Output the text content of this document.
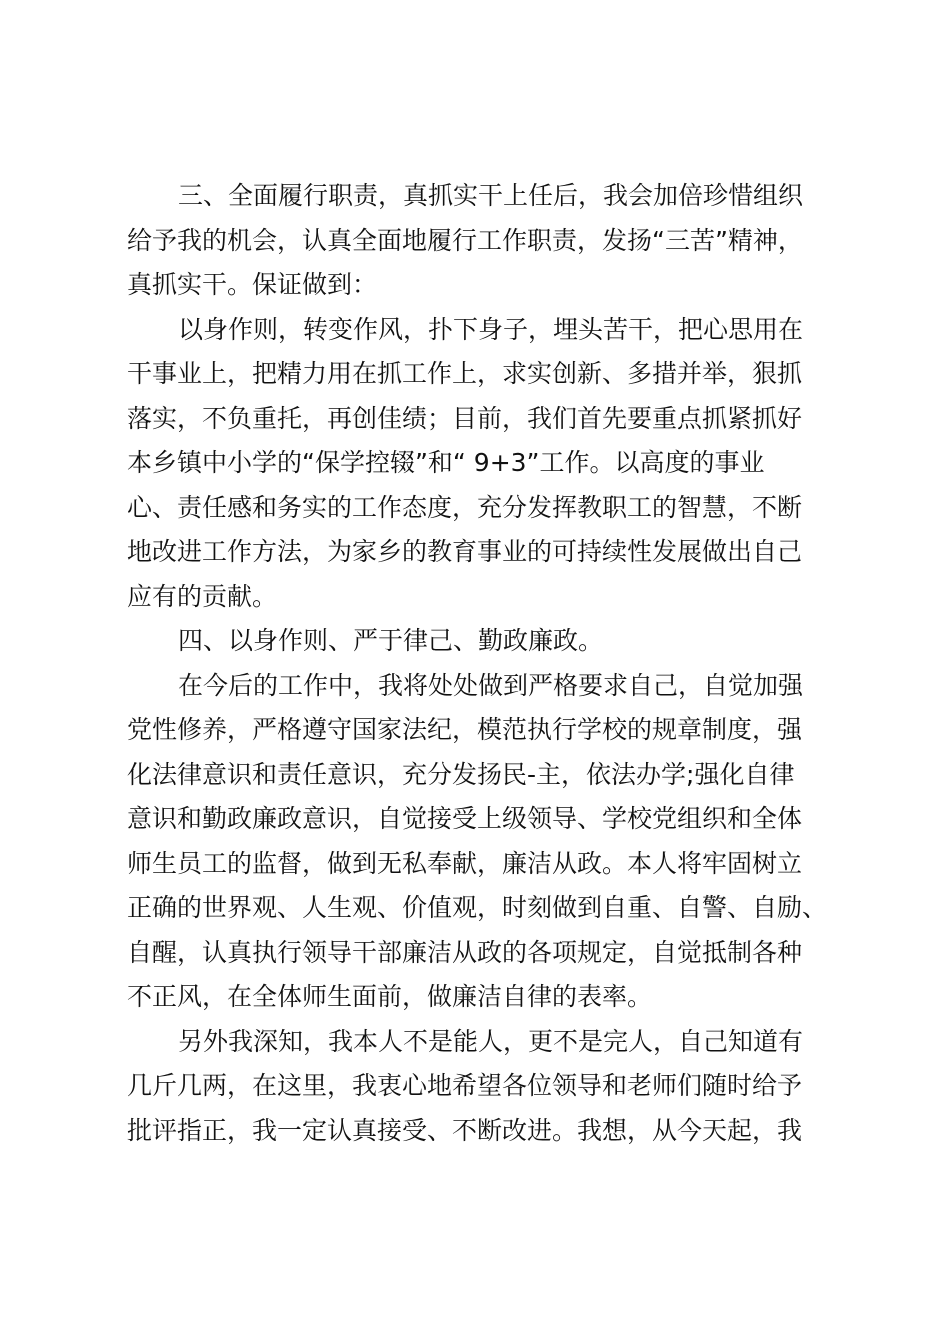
三、全面履行职责，真抓实干上任后，我会加倍珍惜组织
给予我的机会，认真全面地履行工作职责，发扬“三苦”精神，
真抓实干。保证做到：
以身作则，转变作风，扑下身子，埋头苦干，把心思用在
干事业上，把精力用在抓工作上，求实创新、多措并举，狠抓
落实，不负重托，再创佳绩；目前，我们首先要重点抓紧抓好
本乡镇中小学的“保学控辍”和“ 9+3”工作。以高度的事业
心、责任感和务实的工作态度，充分发挥教职工的智慧，不断
地改进工作方法，为家乡的教育事业的可持续性发展做出自己
应有的贡献。
四、以身作则、严于律己、勤政廉政。
在今后的工作中，我将处处做到严格要求自己，自觉加强
党性修养，严格遵守国家法纪，模范执行学校的规章制度，强
化法律意识和责任意识，充分发扬民-主，依法办学;强化自律
意识和勤政廉政意识，自觉接受上级领导、学校党组织和全体
师生员工的监督，做到无私奉献，廉洁从政。本人将牢固树立
正确的世界观、人生观、价值观，时刻做到自重、自警、自励、
自醒，认真执行领导干部廉洁从政的各项规定，自觉抵制各种
不正风，在全体师生面前，做廉洁自律的表率。
另外我深知，我本人不是能人，更不是完人，自己知道有
几斤几两，在这里，我衷心地希望各位领导和老师们随时给予
批评指正，我一定认真接受、不断改进。我想，从今天起，我
